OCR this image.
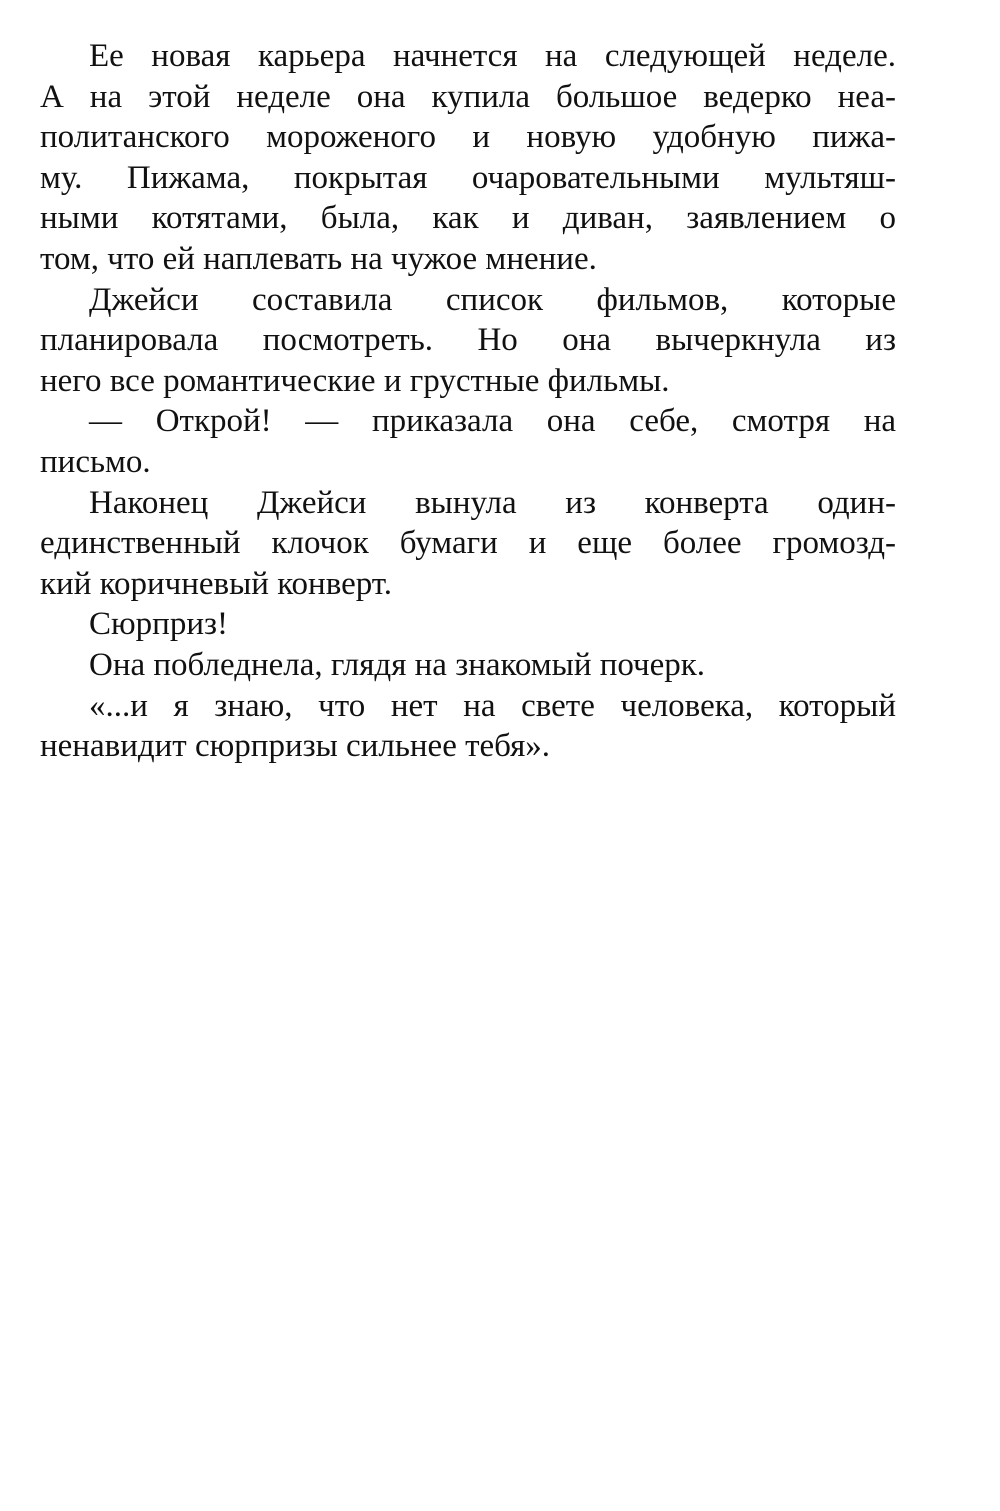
Ее новая карьера начнется на следующей неделе.
А на этой неделе она купила большое ведерко неа-
политанского мороженого и новую удобную пижа-
му. Пижама, покрытая очаровательными мультяш-
ными котятами, была, как и диван, заявлением о
том, что ей наплевать на чужое мнение.

Джейси составила список фильмов, которые
планировала посмотреть. Но она вычеркнула из
него все романтические и грустные фильмы.

— Открой! — приказала она себе, смотря на
письмо.

Наконец Джейси вынула из конверта один-
единственный клочок бумаги и еще более громозд-
кий коричневый конверт.

Сюрприз!

Она побледнела, глядя на знакомый почерк.

«...и я знаю, что нет на свете человека, который
ненавидит сюрпризы сильнее тебя».
